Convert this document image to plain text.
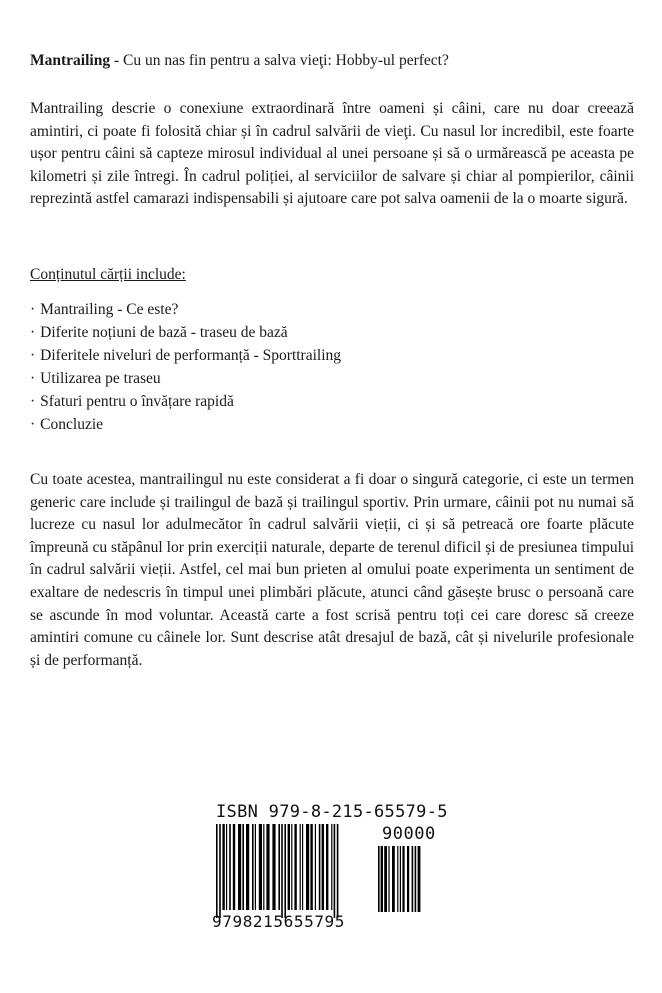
Mantrailing - Cu un nas fin pentru a salva vieţi: Hobby-ul perfect?
Mantrailing descrie o conexiune extraordinară între oameni și câini, care nu doar creează amintiri, ci poate fi folosită chiar și în cadrul salvării de vieţi. Cu nasul lor incredibil, este foarte ușor pentru câini să capteze mirosul individual al unei persoane și să o urmărească pe aceasta pe kilometri și zile întregi. În cadrul poliției, al serviciilor de salvare și chiar al pompierilor, câinii reprezintă astfel camarazi indispensabili și ajutoare care pot salva oamenii de la o moarte sigură.
Conținutul cărții include:
· Mantrailing - Ce este?
· Diferite noțiuni de bază - traseu de bază
· Diferitele niveluri de performanță - Sporttrailing
· Utilizarea pe traseu
· Sfaturi pentru o învățare rapidă
· Concluzie
Cu toate acestea, mantrailingul nu este considerat a fi doar o singură categorie, ci este un termen generic care include și trailingul de bază și trailingul sportiv. Prin urmare, câinii pot nu numai să lucreze cu nasul lor adulmecător în cadrul salvării vieții, ci și să petreacă ore foarte plăcute împreună cu stăpânul lor prin exerciții naturale, departe de terenul dificil și de presiunea timpului în cadrul salvării vieții. Astfel, cel mai bun prieten al omului poate experimenta un sentiment de exaltare de nedescris în timpul unei plimbări plăcute, atunci când găsește brusc o persoană care se ascunde în mod voluntar. Această carte a fost scrisă pentru toți cei care doresc să creeze amintiri comune cu câinele lor. Sunt descrise atât dresajul de bază, cât și nivelurile profesionale și de performanță.
ISBN 979-8-215-65579-5
90000
9798215655795
